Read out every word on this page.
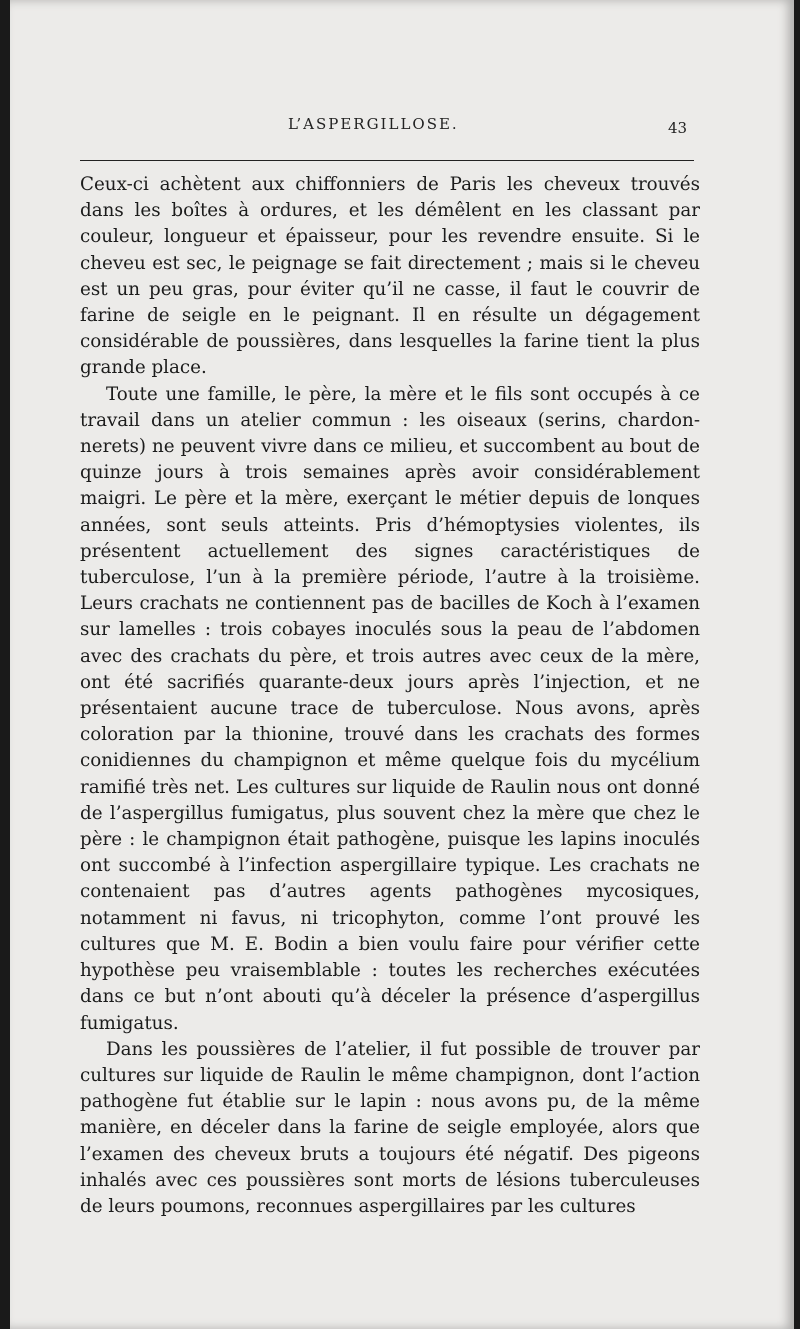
L’ASPERGILLOSE.	43

Ceux-ci achètent aux chiffonniers de Paris les cheveux trouvés dans les boîtes à ordures, et les démêlent en les classant par couleur, longueur et épaisseur, pour les revendre ensuite. Si le cheveu est sec, le peignage se fait directement ; mais si le cheveu est un peu gras, pour éviter qu’il ne casse, il faut le couvrir de farine de seigle en le peignant. Il en résulte un dégagement considérable de poussières, dans lesquelles la farine tient la plus grande place.

Toute une famille, le père, la mère et le fils sont occupés à ce travail dans un atelier commun : les oiseaux (serins, chardonnerets) ne peuvent vivre dans ce milieu, et succombent au bout de quinze jours à trois semaines après avoir considérablement maigri. Le père et la mère, exerçant le métier depuis de lonques années, sont seuls atteints. Pris d’hémoptysies violentes, ils présentent actuellement des signes caractéristiques de tuberculose, l’un à la première période, l’autre à la troisième. Leurs crachats ne contiennent pas de bacilles de Koch à l’examen sur lamelles : trois cobayes inoculés sous la peau de l’abdomen avec des crachats du père, et trois autres avec ceux de la mère, ont été sacrifiés quarante-deux jours après l’injection, et ne présentaient aucune trace de tuberculose. Nous avons, après coloration par la thionine, trouvé dans les crachats des formes conidiennes du champignon et même quelque fois du mycélium ramifié très net. Les cultures sur liquide de Raulin nous ont donné de l’aspergillus fumigatus, plus souvent chez la mère que chez le père : le champignon était pathogène, puisque les lapins inoculés ont succombé à l’infection aspergillaire typique. Les crachats ne contenaient pas d’autres agents pathogènes mycosiques, notamment ni favus, ni tricophyton, comme l’ont prouvé les cultures que M. E. Bodin a bien voulu faire pour vérifier cette hypothèse peu vraisemblable : toutes les recherches exécutées dans ce but n’ont abouti qu’à déceler la présence d’aspergillus fumigatus.

Dans les poussières de l’atelier, il fut possible de trouver par cultures sur liquide de Raulin le même champignon, dont l’action pathogène fut établie sur le lapin : nous avons pu, de la même manière, en déceler dans la farine de seigle employée, alors que l’examen des cheveux bruts a toujours été négatif. Des pigeons inhalés avec ces poussières sont morts de lésions tuberculeuses de leurs poumons, reconnues aspergillaires par les cultures
